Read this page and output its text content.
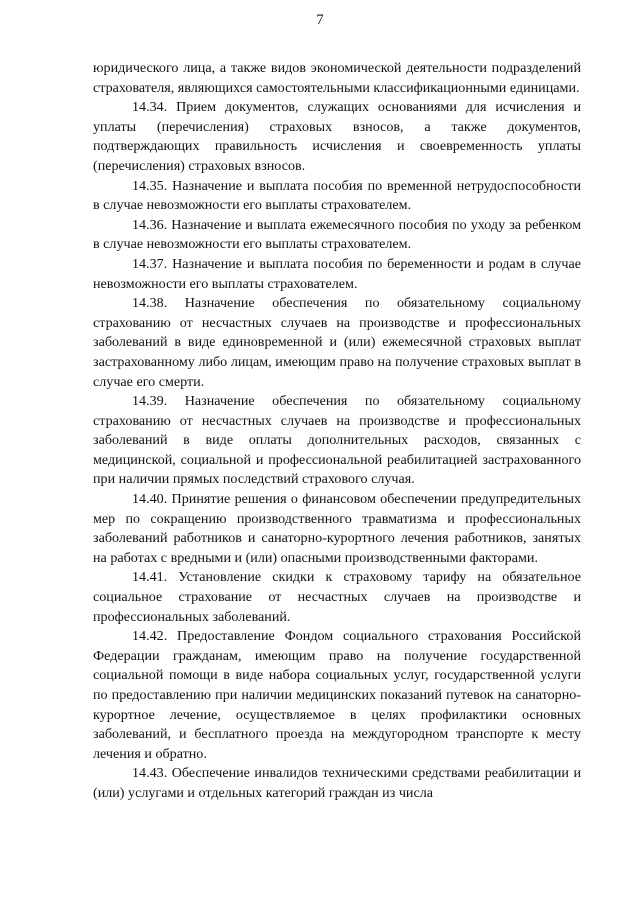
7

юридического лица, а также видов экономической деятельности подразделений страхователя, являющихся самостоятельными классификационными единицами.

14.34. Прием документов, служащих основаниями для исчисления и уплаты (перечисления) страховых взносов, а также документов, подтверждающих правильность исчисления и своевременность уплаты (перечисления) страховых взносов.

14.35. Назначение и выплата пособия по временной нетрудоспособности в случае невозможности его выплаты страхователем.

14.36. Назначение и выплата ежемесячного пособия по уходу за ребенком в случае невозможности его выплаты страхователем.

14.37. Назначение и выплата пособия по беременности и родам в случае невозможности его выплаты страхователем.

14.38. Назначение обеспечения по обязательному социальному страхованию от несчастных случаев на производстве и профессиональных заболеваний в виде единовременной и (или) ежемесячной страховых выплат застрахованному либо лицам, имеющим право на получение страховых выплат в случае его смерти.

14.39. Назначение обеспечения по обязательному социальному страхованию от несчастных случаев на производстве и профессиональных заболеваний в виде оплаты дополнительных расходов, связанных с медицинской, социальной и профессиональной реабилитацией застрахованного при наличии прямых последствий страхового случая.

14.40. Принятие решения о финансовом обеспечении предупредительных мер по сокращению производственного травматизма и профессиональных заболеваний работников и санаторно-курортного лечения работников, занятых на работах с вредными и (или) опасными производственными факторами.

14.41. Установление скидки к страховому тарифу на обязательное социальное страхование от несчастных случаев на производстве и профессиональных заболеваний.

14.42. Предоставление Фондом социального страхования Российской Федерации гражданам, имеющим право на получение государственной социальной помощи в виде набора социальных услуг, государственной услуги по предоставлению при наличии медицинских показаний путевок на санаторно-курортное лечение, осуществляемое в целях профилактики основных заболеваний, и бесплатного проезда на междугородном транспорте к месту лечения и обратно.

14.43. Обеспечение инвалидов техническими средствами реабилитации и (или) услугами и отдельных категорий граждан из числа
